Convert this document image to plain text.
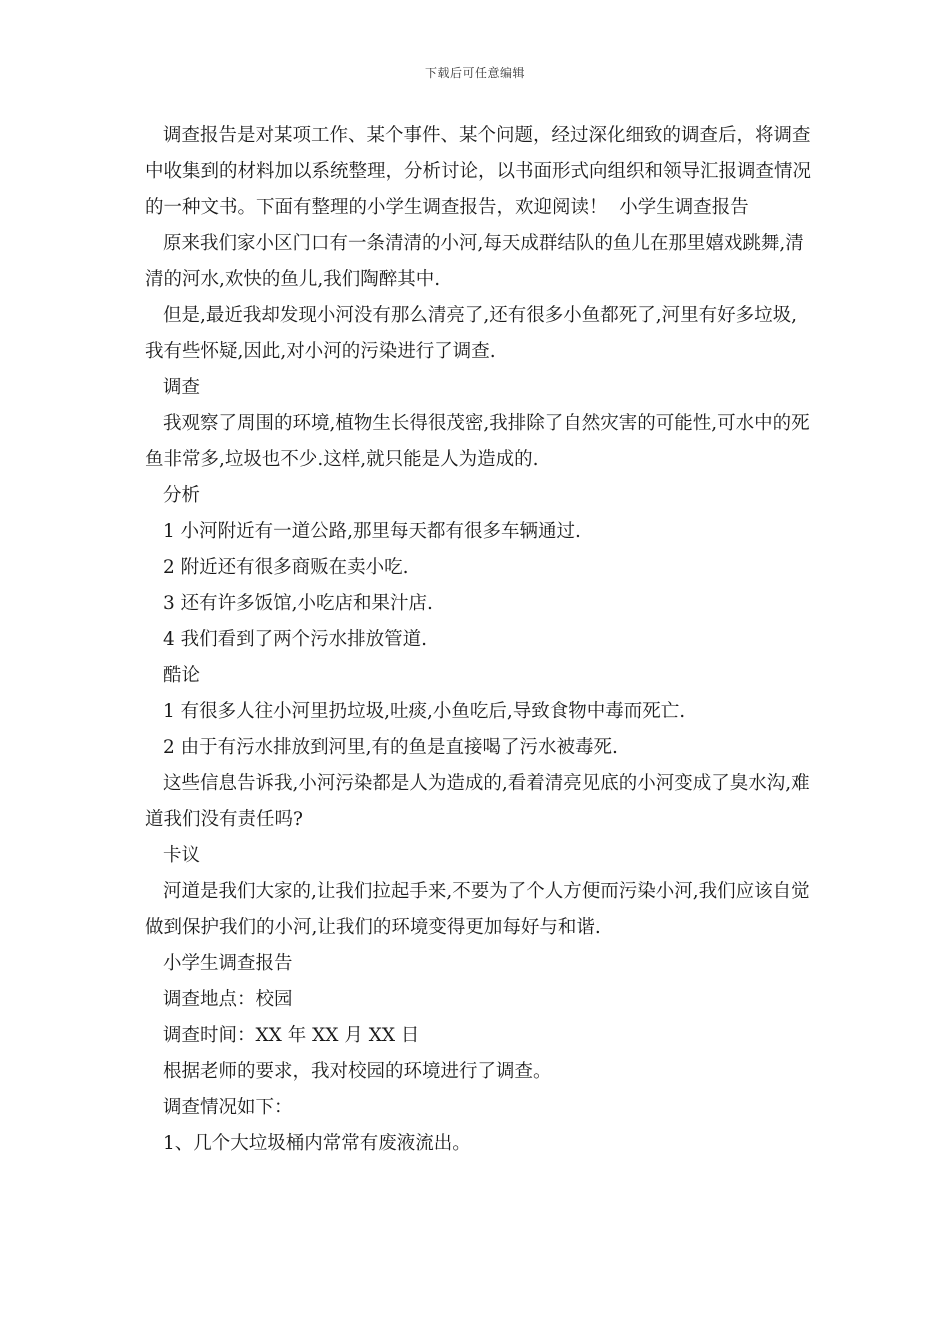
下载后可任意编辑

调查报告是对某项工作、某个事件、某个问题，经过深化细致的调查后，将调查中收集到的材料加以系统整理，分析讨论，以书面形式向组织和领导汇报调查情况的一种文书。下面有整理的小学生调查报告，欢迎阅读！  小学生调查报告

原来我们家小区门口有一条清清的小河,每天成群结队的鱼儿在那里嬉戏跳舞,清清的河水,欢快的鱼儿,我们陶醉其中.

但是,最近我却发现小河没有那么清亮了,还有很多小鱼都死了,河里有好多垃圾,我有些怀疑,因此,对小河的污染进行了调查.

调查

我观察了周围的环境,植物生长得很茂密,我排除了自然灾害的可能性,可水中的死鱼非常多,垃圾也不少.这样,就只能是人为造成的.

分析

1 小河附近有一道公路,那里每天都有很多车辆通过.

2 附近还有很多商贩在卖小吃.

3 还有许多饭馆,小吃店和果汁店.

4 我们看到了两个污水排放管道.

酷论

1 有很多人往小河里扔垃圾,吐痰,小鱼吃后,导致食物中毒而死亡.

2 由于有污水排放到河里,有的鱼是直接喝了污水被毒死.

这些信息告诉我,小河污染都是人为造成的,看着清亮见底的小河变成了臭水沟,难道我们没有责任吗?

卡议

河道是我们大家的,让我们拉起手来,不要为了个人方便而污染小河,我们应该自觉做到保护我们的小河,让我们的环境变得更加每好与和谐.

小学生调查报告

调查地点：校园

调查时间：XX 年 XX 月 XX 日

根据老师的要求，我对校园的环境进行了调查。

调查情况如下：

1、几个大垃圾桶内常常有废液流出。
